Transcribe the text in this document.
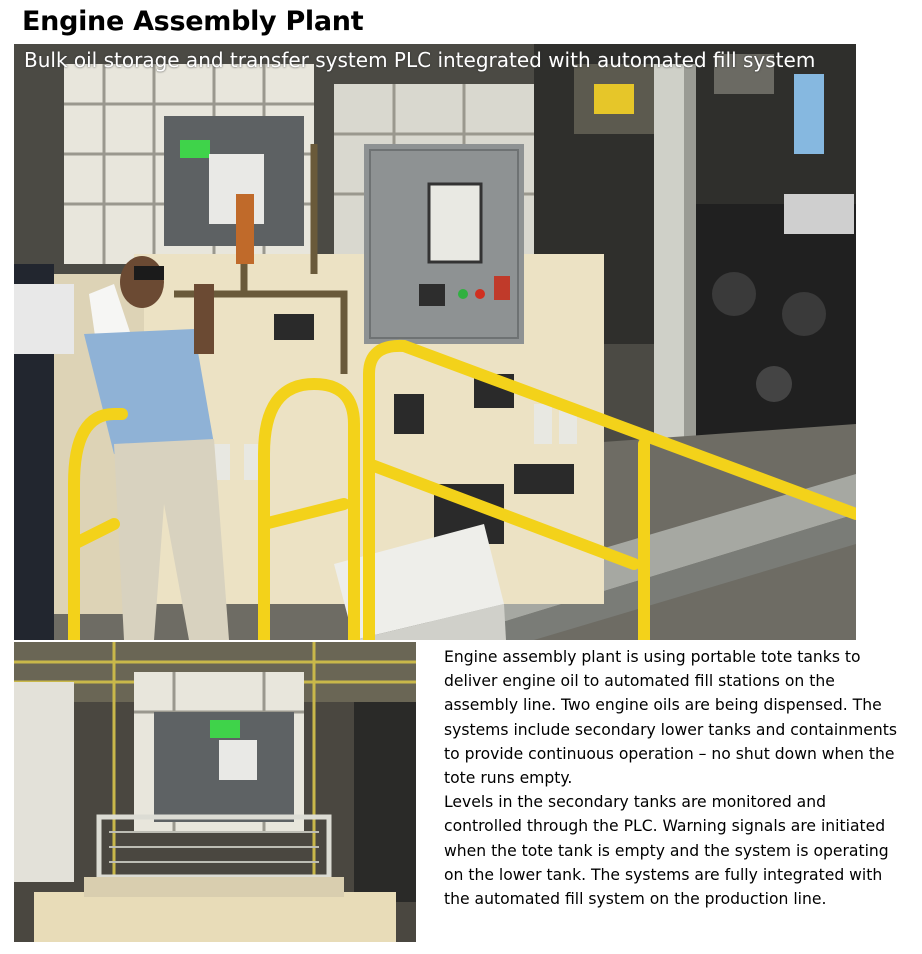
Engine Assembly Plant
Bulk oil storage and transfer system PLC integrated with automated fill system

Engine assembly plant is using portable tote tanks to deliver engine oil to automated fill stations on the assembly line. Two engine oils are being dispensed. The systems include secondary lower tanks and containments to provide continuous operation – no shut down when the tote runs empty.

Levels in the secondary tanks are monitored and controlled through the PLC. Warning signals are initiated when the tote tank is empty and the system is operating on the lower tank. The systems are fully integrated with the automated fill system on the production line.
